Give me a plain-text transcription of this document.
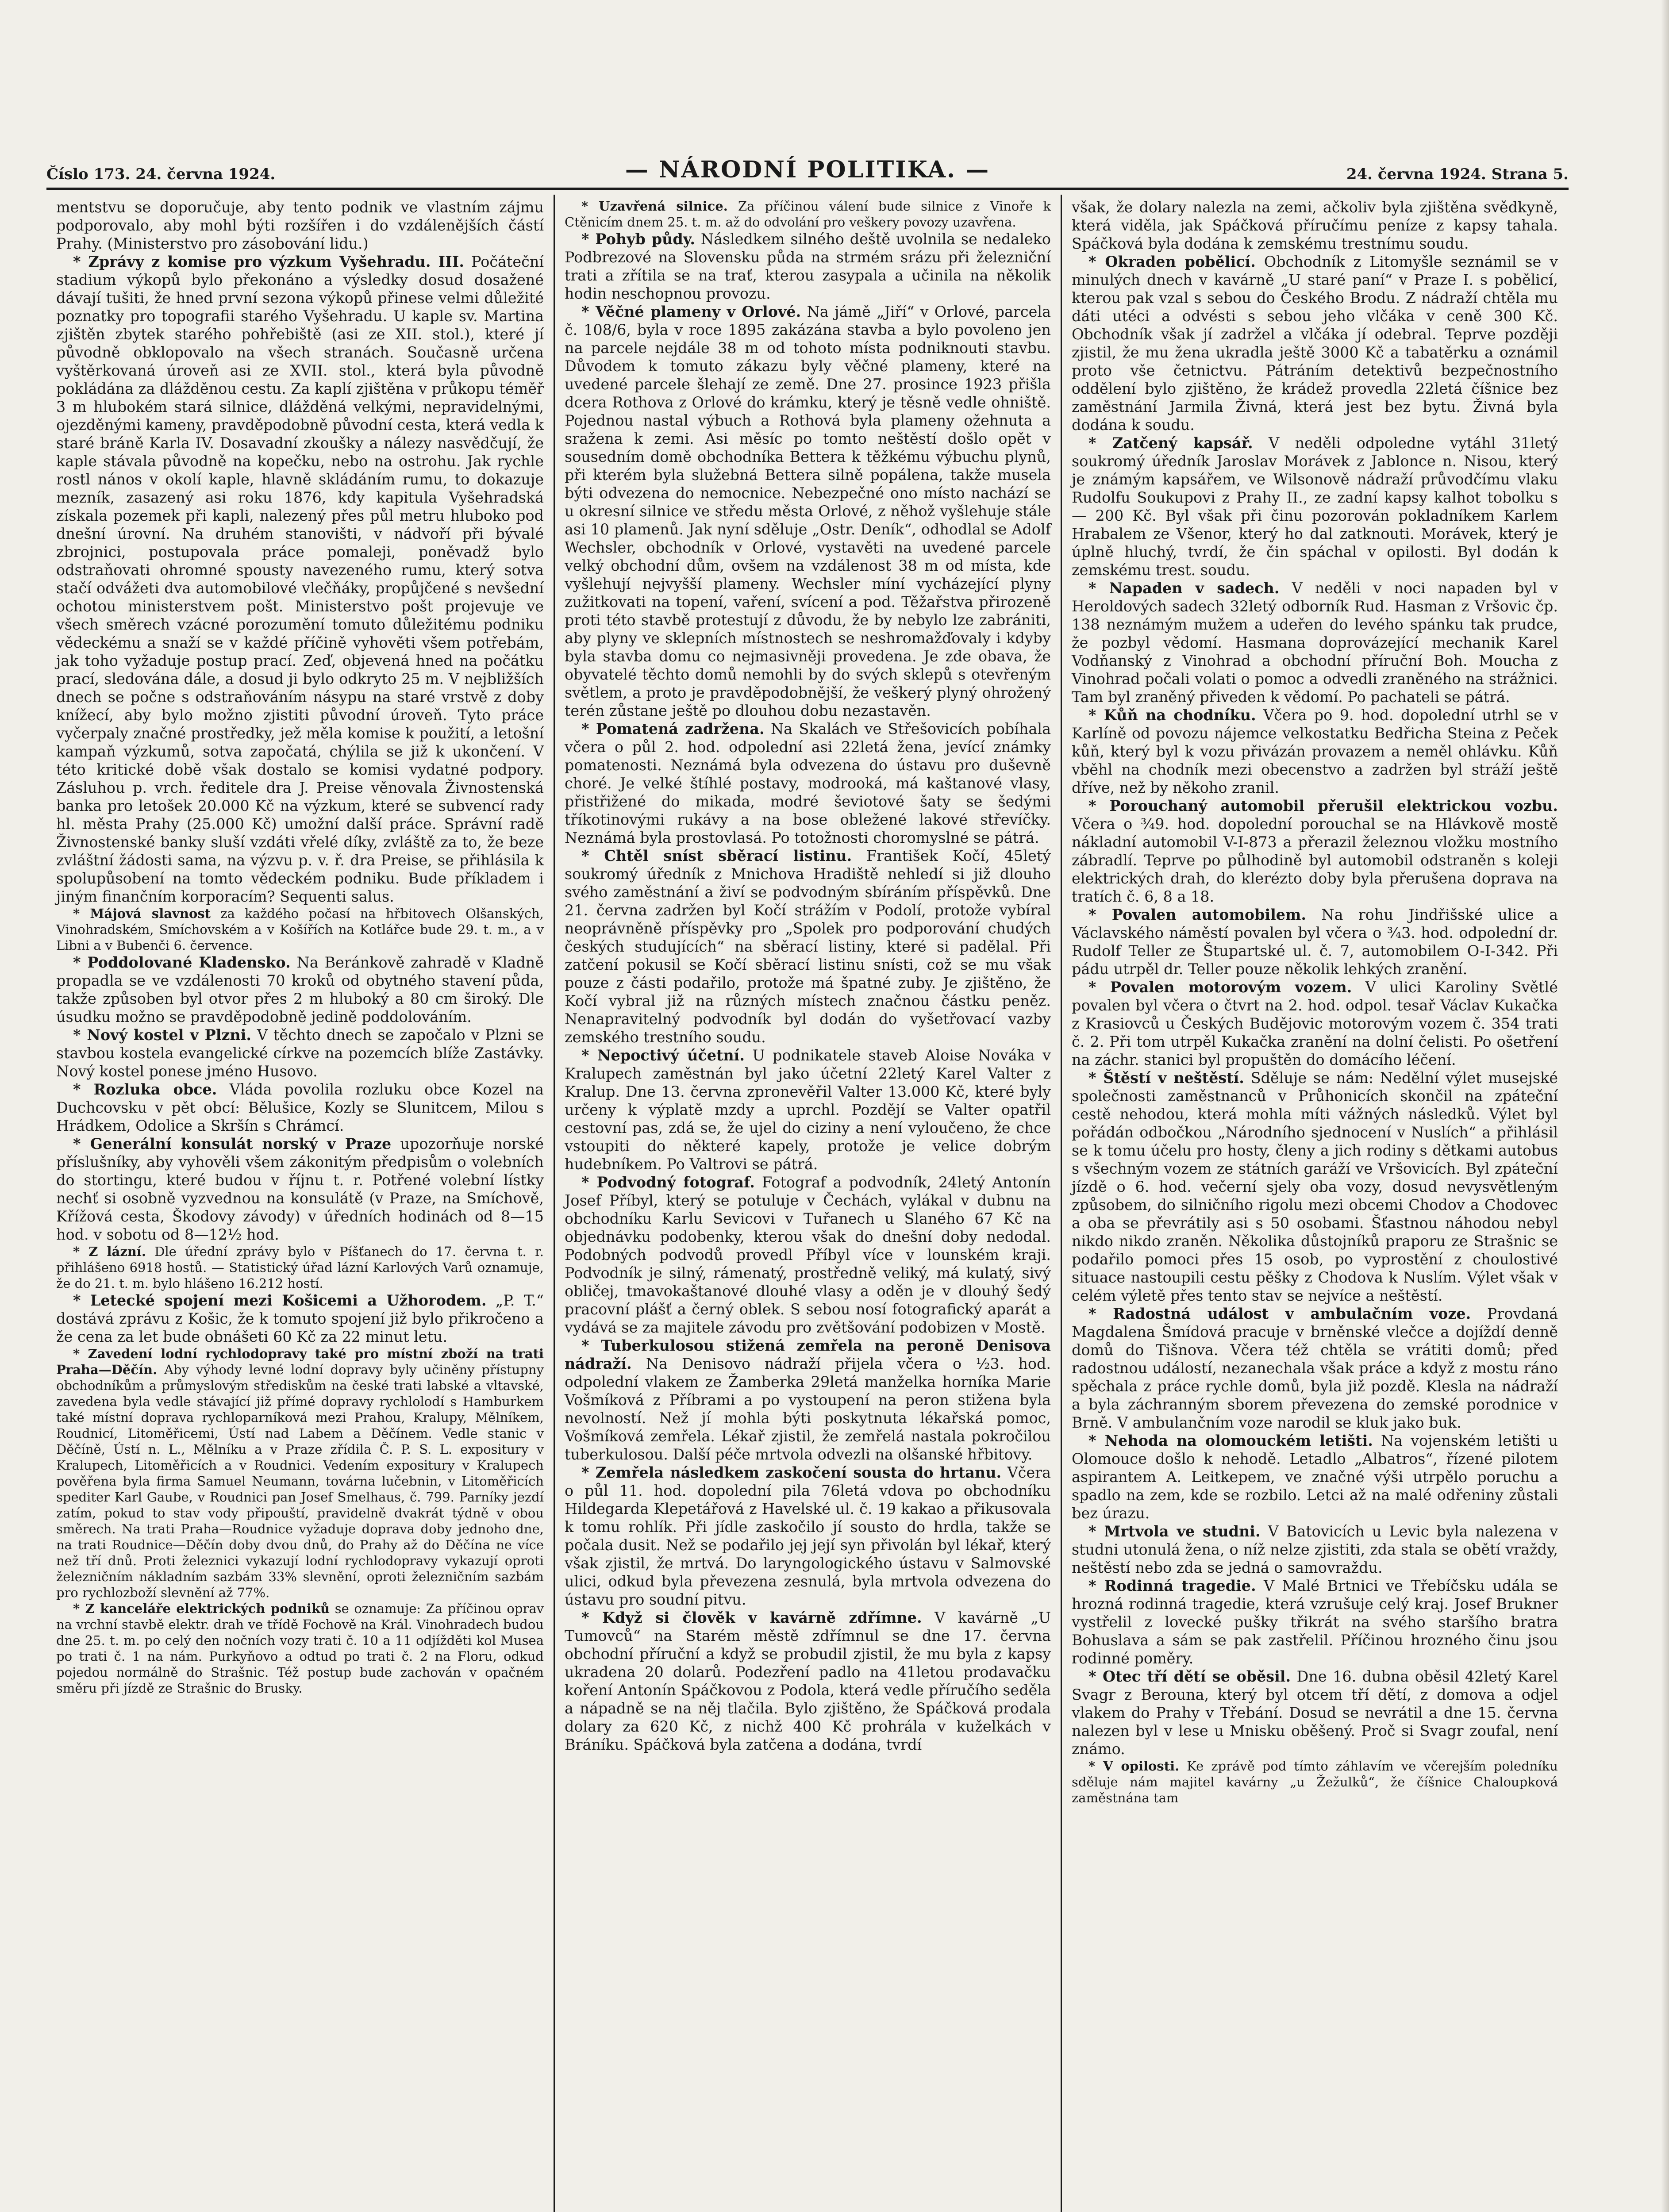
Číslo 173. 24. června 1924.	— NÁRODNÍ POLITIKA. —	24. června 1924. Strana 5.

mentstvu se doporučuje, aby tento podnik ve vlastním zájmu podporovalo, aby mohl býti rozšířen i do vzdálenějších částí Prahy. (Ministerstvo pro zásobování lidu.)

* Zprávy z komise pro výzkum Vyšehradu. III. Počáteční stadium výkopů bylo překonáno a výsledky dosud dosažené dávají tušiti, že hned první sezona výkopů přinese velmi důležité poznatky pro topografii starého Vyšehradu. U kaple sv. Martina zjištěn zbytek starého pohřebiště (asi ze XII. stol.), které jí původně obklopovalo na všech stranách. Současně určena vyštěrkovaná úroveň asi ze XVII. stol., která byla původně pokládána za dlážděnou cestu. Za kaplí zjištěna v průkopu téměř 3 m hlubokém stará silnice, dlážděná velkými, nepravidelnými, ojezděnými kameny, pravděpodobně původní cesta, která vedla k staré bráně Karla IV. Dosavadní zkoušky a nálezy nasvědčují, že kaple stávala původně na kopečku, nebo na ostrohu. Jak rychle rostl nános v okolí kaple, hlavně skládáním rumu, to dokazuje mezník, zasazený asi roku 1876, kdy kapitula Vyšehradská získala pozemek při kapli, nalezený přes půl metru hluboko pod dnešní úrovní. Na druhém stanovišti, v nádvoří při bývalé zbrojnici, postupovala práce pomaleji, poněvadž bylo odstraňovati ohromné spousty navezeného rumu, který sotva stačí odvážeti dva automobilové vlečňáky, propůjčené s nevšední ochotou ministerstvem pošt. Ministerstvo pošt projevuje ve všech směrech vzácné porozumění tomuto důležitému podniku vědeckému a snaží se v každé příčině vyhověti všem potřebám, jak toho vyžaduje postup prací. Zeď, objevená hned na počátku prací, sledována dále, a dosud ji bylo odkryto 25 m. V nejbližších dnech se počne s odstraňováním násypu na staré vrstvě z doby knížecí, aby bylo možno zjistiti původní úroveň. Tyto práce vyčerpaly značné prostředky, jež měla komise k použití, a letošní kampaň výzkumů, sotva započatá, chýlila se již k ukončení. V této kritické době však dostalo se komisi vydatné podpory. Zásluhou p. vrch. ředitele dra J. Preise věnovala Živnostenská banka pro letošek 20.000 Kč na výzkum, které se subvencí rady hl. města Prahy (25.000 Kč) umožní další práce. Správní radě Živnostenské banky sluší vzdáti vřelé díky, zvláště za to, že beze zvláštní žádosti sama, na výzvu p. v. ř. dra Preise, se přihlásila k spolupůsobení na tomto vědeckém podniku. Bude příkladem i jiným finančním korporacím? Sequenti salus.

* Májová slavnost za každého počasí na hřbitovech Olšanských, Vinohradském, Smíchovském a v Košířích na Kotlářce bude 29. t. m., a v Libni a v Bubenči 6. července.

* Poddolované Kladensko. Na Beránkově zahradě v Kladně propadla se ve vzdálenosti 70 kroků od obytného stavení půda, takže způsoben byl otvor přes 2 m hluboký a 80 cm široký. Dle úsudku možno se pravděpodobně jedině poddolováním.

* Nový kostel v Plzni. V těchto dnech se započalo v Plzni se stavbou kostela evangelické církve na pozemcích blíže Zastávky. Nový kostel ponese jméno Husovo.

* Rozluka obce. Vláda povolila rozluku obce Kozel na Duchcovsku v pět obcí: Bělušice, Kozly se Slunitcem, Milou s Hrádkem, Odolice a Skršín s Chrámcí.

* Generální konsulát norský v Praze upozorňuje norské příslušníky, aby vyhověli všem zákonitým předpisům o volebních do stortingu, které budou v říjnu t. r. Potřené volební lístky nechť si osobně vyzvednou na konsulátě (v Praze, na Smíchově, Křížová cesta, Škodovy závody) v úředních hodinách od 8—15 hod. v sobotu od 8—12½ hod.

* Z lázní. Dle úřední zprávy bylo v Píšťanech do 17. června t. r. přihlášeno 6918 hostů. — Statistický úřad lázní Karlových Varů oznamuje, že do 21. t. m. bylo hlášeno 16.212 hostí.

* Letecké spojení mezi Košicemi a Užhorodem. „P. T.“ dostává zprávu z Košic, že k tomuto spojení již bylo přikročeno a že cena za let bude obnášeti 60 Kč za 22 minut letu.

* Zavedení lodní rychlodopravy také pro místní zboží na trati Praha—Děčín. Aby výhody levné lodní dopravy byly učiněny přístupny obchodníkům a průmyslovým střediskům na české trati labské a vltavské, zavedena byla vedle stávající již přímé dopravy rychlolodí s Hamburkem také místní doprava rychloparníková mezi Prahou, Kralupy, Mělníkem, Roudnicí, Litoměřicemi, Ústí nad Labem a Děčínem. Vedle stanic v Děčíně, Ústí n. L., Mělníku a v Praze zřídila Č. P. S. L. expositury v Kralupech, Litoměřicích a v Roudnici. Vedením expositury v Kralupech pověřena byla firma Samuel Neumann, továrna lučebnin, v Litoměřicích spediter Karl Gaube, v Roudnici pan Josef Smelhaus, č. 799. Parníky jezdí zatím, pokud to stav vody připouští, pravidelně dvakrát týdně v obou směrech. Na trati Praha—Roudnice vyžaduje doprava doby jednoho dne, na trati Roudnice—Děčín doby dvou dnů, do Prahy až do Děčína ne více než tří dnů. Proti železnici vykazují lodní rychlodopravy vykazují oproti železničním nákladním sazbám 33% slevnění, oproti železničním sazbám pro rychlozboží slevnění až 77%.

* Z kanceláře elektrických podniků se oznamuje: Za příčinou oprav na vrchní stavbě elektr. drah ve třídě Fochově na Král. Vinohradech budou dne 25. t. m. po celý den nočních vozy trati č. 10 a 11 odjížděti kol Musea po trati č. 1 na nám. Purkyňovo a odtud po trati č. 2 na Floru, odkud pojedou normálně do Strašnic. Též postup bude zachován v opačném směru při jízdě ze Strašnic do Brusky.

* Uzavřená silnice. Za příčinou válení bude silnice z Vinoře k Ctěnicím dnem 25. t. m. až do odvolání pro veškery povozy uzavřena.

* Pohyb půdy. Následkem silného deště uvolnila se nedaleko Podbrezové na Slovensku půda na strmém srázu při železniční trati a zřítila se na trať, kterou zasypala a učinila na několik hodin neschopnou provozu.

* Věčné plameny v Orlové. Na jámě „Jiří“ v Orlové, parcela č. 108/6, byla v roce 1895 zakázána stavba a bylo povoleno jen na parcele nejdále 38 m od tohoto místa podniknouti stavbu. Důvodem k tomuto zákazu byly věčné plameny, které na uvedené parcele šlehají ze země. Dne 27. prosince 1923 přišla dcera Rothova z Orlové do krámku, který je těsně vedle ohniště. Pojednou nastal výbuch a Rothová byla plameny ožehnuta a sražena k zemi. Asi měsíc po tomto neštěstí došlo opět v sousedním domě obchodníka Bettera k těžkému výbuchu plynů, při kterém byla služebná Bettera silně popálena, takže musela býti odvezena do nemocnice. Nebezpečné ono místo nachází se u okresní silnice ve středu města Orlové, z něhož vyšlehuje stále asi 10 plamenů. Jak nyní sděluje „Ostr. Deník“, odhodlal se Adolf Wechsler, obchodník v Orlové, vystavěti na uvedené parcele velký obchodní dům, ovšem na vzdálenost 38 m od místa, kde vyšlehují nejvyšší plameny. Wechsler míní vycházející plyny zužitkovati na topení, vaření, svícení a pod. Těžařstva přirozeně proti této stavbě protestují z důvodu, že by nebylo lze zabrániti, aby plyny ve sklepních místnostech se neshromažďovaly i kdyby byla stavba domu co nejmasivněji provedena. Je zde obava, že obyvatelé těchto domů nemohli by do svých sklepů s otevřeným světlem, a proto je pravděpodobnější, že veškerý plyný ohrožený terén zůstane ještě po dlouhou dobu nezastavěn.

* Pomatená zadržena. Na Skalách ve Střešovicích pobíhala včera o půl 2. hod. odpolední asi 22letá žena, jevící známky pomatenosti. Neznámá byla odvezena do ústavu pro duševně choré. Je velké štíhlé postavy, modrooká, má kaštanové vlasy, přistřižené do mikada, modré ševiotové šaty se šedými tříkotinovými rukávy a na bose obležené lakové střevíčky. Neznámá byla prostovlasá. Po totožnosti choromyslné se pátrá.

* Chtěl sníst sběrací listinu. František Kočí, 45letý soukromý úředník z Mnichova Hradiště nehledí si již dlouho svého zaměstnání a živí se podvodným sbíráním příspěvků. Dne 21. června zadržen byl Kočí strážím v Podolí, protože vybíral neoprávněně příspěvky pro „Spolek pro podporování chudých českých studujících“ na sběrací listiny, které si padělal. Při zatčení pokusil se Kočí sběrací listinu snísti, což se mu však pouze z části podařilo, protože má špatné zuby. Je zjištěno, že Kočí vybral již na různých místech značnou částku peněz. Nenapravitelný podvodník byl dodán do vyšetřovací vazby zemského trestního soudu.

* Nepoctivý účetní. U podnikatele staveb Aloise Nováka v Kralupech zaměstnán byl jako účetní 22letý Karel Valter z Kralup. Dne 13. června zpronevěřil Valter 13.000 Kč, které byly určeny k výplatě mzdy a uprchl. Pozdějí se Valter opatřil cestovní pas, zdá se, že ujel do ciziny a není vyloučeno, že chce vstoupiti do některé kapely, protože je velice dobrým hudebníkem. Po Valtrovi se pátrá.

* Podvodný fotograf. Fotograf a podvodník, 24letý Antonín Josef Příbyl, který se potuluje v Čechách, vylákal v dubnu na obchodníku Karlu Sevicovi v Tuřanech u Slaného 67 Kč na objednávku podobenky, kterou však do dnešní doby nedodal. Podobných podvodů provedl Příbyl více v lounském kraji. Podvodník je silný, rámenatý, prostředně veliký, má kulatý, sivý obličej, tmavokaštanové dlouhé vlasy a oděn je v dlouhý šedý pracovní plášť a černý oblek. S sebou nosí fotografický aparát a vydává se za majitele závodu pro zvětšování podobizen v Mostě.

* Tuberkulosou stižená zemřela na peroně Denisova nádraží. Na Denisovo nádraží přijela včera o ½3. hod. odpolední vlakem ze Žamberka 29letá manželka horníka Marie Vošmíková z Příbrami a po vystoupení na peron stižena byla nevolností. Než jí mohla býti poskytnuta lékařská pomoc, Vošmíková zemřela. Lékař zjistil, že zemřelá nastala pokročilou tuberkulosou. Další péče mrtvola odvezli na olšanské hřbitovy.

* Zemřela následkem zaskočení sousta do hrtanu. Včera o půl 11. hod. dopolední pila 76letá vdova po obchodníku Hildegarda Klepetářová z Havelské ul. č. 19 kakao a přikusovala k tomu rohlík. Při jídle zaskočilo jí sousto do hrdla, takže se počala dusit. Než se podařilo jej její syn přivolán byl lékař, který však zjistil, že mrtvá. Do laryngologického ústavu v Salmovské ulici, odkud byla převezena zesnulá, byla mrtvola odvezena do ústavu pro soudní pitvu.

* Když si člověk v kavárně zdřímne. V kavárně „U Tumovců“ na Starém městě zdřímnul se dne 17. června obchodní příruční a když se probudil zjistil, že mu byla z kapsy ukradena 20 dolarů. Podezření padlo na 41letou prodavačku koření Antonín Spáčkovou z Podola, která vedle příručího seděla a nápadně se na něj tlačila. Bylo zjištěno, že Spáčková prodala dolary za 620 Kč, z nichž 400 Kč prohrála v kuželkách v Bráníku. Spáčková byla zatčena a dodána, tvrdí

však, že dolary nalezla na zemi, ačkoliv byla zjištěna svědkyně, která viděla, jak Spáčková příručímu peníze z kapsy tahala. Spáčková byla dodána k zemskému trestnímu soudu.

* Okraden pobělicí. Obchodník z Litomyšle seznámil se v minulých dnech v kavárně „U staré paní“ v Praze I. s pobělicí, kterou pak vzal s sebou do Českého Brodu. Z nádraží chtěla mu dáti utéci a odvésti s sebou jeho vlčáka v ceně 300 Kč. Obchodník však jí zadržel a vlčáka jí odebral. Teprve později zjistil, že mu žena ukradla ještě 3000 Kč a tabatěrku a oznámil proto vše četnictvu. Pátráním detektivů bezpečnostního oddělení bylo zjištěno, že krádež provedla 22letá číšnice bez zaměstnání Jarmila Živná, která jest bez bytu. Živná byla dodána k soudu.

* Zatčený kapsář. V neděli odpoledne vytáhl 31letý soukromý úředník Jaroslav Morávek z Jablonce n. Nisou, který je známým kapsářem, ve Wilsonově nádraží průvodčímu vlaku Rudolfu Soukupovi z Prahy II., ze zadní kapsy kalhot tobolku s — 200 Kč. Byl však při činu pozorován pokladníkem Karlem Hrabalem ze Všenor, který ho dal zatknouti. Morávek, který je úplně hluchý, tvrdí, že čin spáchal v opilosti. Byl dodán k zemskému trest. soudu.

* Napaden v sadech. V neděli v noci napaden byl v Heroldových sadech 32letý odborník Rud. Hasman z Vršovic čp. 138 neznámým mužem a udeřen do levého spánku tak prudce, že pozbyl vědomí. Hasmana doprovázející mechanik Karel Vodňanský z Vinohrad a obchodní příruční Boh. Moucha z Vinohrad počali volati o pomoc a odvedli zraněného na strážnici. Tam byl zraněný přiveden k vědomí. Po pachateli se pátrá.

* Kůň na chodníku. Včera po 9. hod. dopolední utrhl se v Karlíně od povozu nájemce velkostatku Bedřicha Steina z Peček kůň, který byl k vozu přivázán provazem a neměl ohlávku. Kůň vběhl na chodník mezi obecenstvo a zadržen byl stráží ještě dříve, než by někoho zranil.

* Porouchaný automobil přerušil elektrickou vozbu. Včera o ¾9. hod. dopolední porouchal se na Hlávkově mostě nákladní automobil V-I-873 a přerazil železnou vložku mostního zábradlí. Teprve po půlhodině byl automobil odstraněn s koleji elektrických drah, do klerézto doby byla přerušena doprava na tratích č. 6, 8 a 18.

* Povalen automobilem. Na rohu Jindřišské ulice a Václavského náměstí povalen byl včera o ¾3. hod. odpolední dr. Rudolf Teller ze Štupartské ul. č. 7, automobilem O-I-342. Při pádu utrpěl dr. Teller pouze několik lehkých zranění.

* Povalen motorovým vozem. V ulici Karoliny Světlé povalen byl včera o čtvrt na 2. hod. odpol. tesař Václav Kukačka z Krasiovců u Českých Budějovic motorovým vozem č. 354 trati č. 2. Při tom utrpěl Kukačka zranění na dolní čelisti. Po ošetření na záchr. stanici byl propuštěn do domácího léčení.

* Štěstí v neštěstí. Sděluje se nám: Nedělní výlet musejské společnosti zaměstnanců v Průhonicích skončil na zpáteční cestě nehodou, která mohla míti vážných následků. Výlet byl pořádán odbočkou „Národního sjednocení v Nuslích“ a přihlásil se k tomu účelu pro hosty, členy a jich rodiny s dětkami autobus s všechným vozem ze státních garáží ve Vršovicích. Byl zpáteční jízdě o 6. hod. večerní sjely oba vozy, dosud nevysvětleným způsobem, do silničního rigolu mezi obcemi Chodov a Chodovec a oba se převrátily asi s 50 osobami. Šťastnou náhodou nebyl nikdo nikdo zraněn. Několika důstojníků praporu ze Strašnic se podařilo pomoci přes 15 osob, po vyprostění z choulostivé situace nastoupili cestu pěšky z Chodova k Nuslím. Výlet však v celém výletě přes tento stav se nejvíce a neštěstí.

* Radostná událost v ambulačním voze. Provdaná Magdalena Šmídová pracuje v brněnské vlečce a dojíždí denně domů do Tišnova. Včera též chtěla se vrátiti domů; před radostnou událostí, nezanechala však práce a když z mostu ráno spěchala z práce rychle domů, byla již pozdě. Klesla na nádraží a byla záchranným sborem převezena do zemské porodnice v Brně. V ambulančním voze narodil se kluk jako buk.

* Nehoda na olomouckém letišti. Na vojenském letišti u Olomouce došlo k nehodě. Letadlo „Albatros“, řízené pilotem aspirantem A. Leitkepem, ve značné výši utrpělo poruchu a spadlo na zem, kde se rozbilo. Letci až na malé odřeniny zůstali bez úrazu.

* Mrtvola ve studni. V Batovicích u Levic byla nalezena v studni utonulá žena, o níž nelze zjistiti, zda stala se obětí vraždy, neštěstí nebo zda se jedná o samovraždu.

* Rodinná tragedie. V Malé Brtnici ve Třebíčsku udála se hrozná rodinná tragedie, která vzrušuje celý kraj. Josef Brukner vystřelil z lovecké pušky třikrát na svého staršího bratra Bohuslava a sám se pak zastřelil. Příčinou hrozného činu jsou rodinné poměry.

* Otec tří dětí se oběsil. Dne 16. dubna oběsil 42letý Karel Svagr z Berouna, který byl otcem tří dětí, z domova a odjel vlakem do Prahy v Třebání. Dosud se nevrátil a dne 15. června nalezen byl v lese u Mnisku oběšený. Proč si Svagr zoufal, není známo.

* V opilosti. Ke zprávě pod tímto záhlavím ve včerejším poledníku sděluje nám majitel kavárny „u Žežulků“, že číšnice Chaloupková zaměstnána tam
